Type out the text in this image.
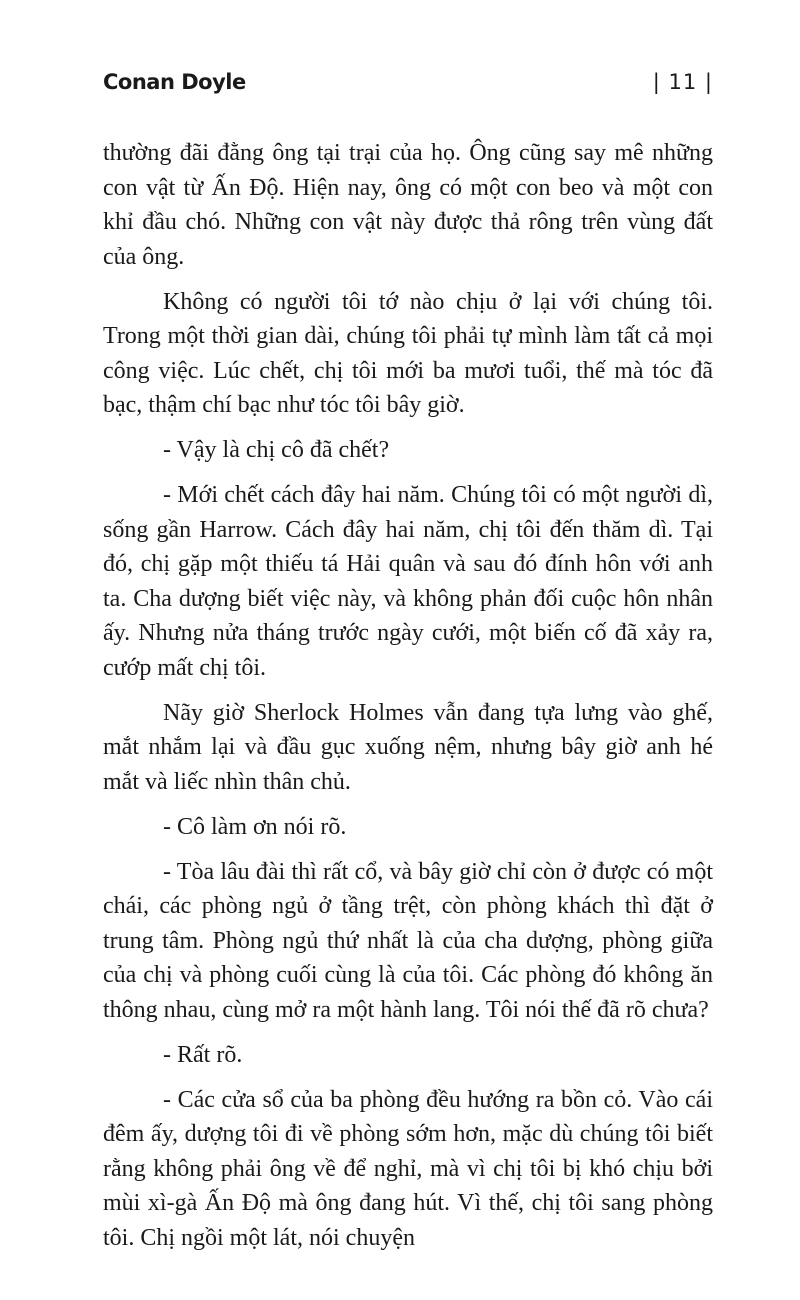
Conan Doyle	| 11 |

thường đãi đằng ông tại trại của họ. Ông cũng say mê những con vật từ Ấn Độ. Hiện nay, ông có một con beo và một con khỉ đầu chó. Những con vật này được thả rông trên vùng đất của ông.

Không có người tôi tớ nào chịu ở lại với chúng tôi. Trong một thời gian dài, chúng tôi phải tự mình làm tất cả mọi công việc. Lúc chết, chị tôi mới ba mươi tuổi, thế mà tóc đã bạc, thậm chí bạc như tóc tôi bây giờ.

- Vậy là chị cô đã chết?

- Mới chết cách đây hai năm. Chúng tôi có một người dì, sống gần Harrow. Cách đây hai năm, chị tôi đến thăm dì. Tại đó, chị gặp một thiếu tá Hải quân và sau đó đính hôn với anh ta. Cha dượng biết việc này, và không phản đối cuộc hôn nhân ấy. Nhưng nửa tháng trước ngày cưới, một biến cố đã xảy ra, cướp mất chị tôi.

Nãy giờ Sherlock Holmes vẫn đang tựa lưng vào ghế, mắt nhắm lại và đầu gục xuống nệm, nhưng bây giờ anh hé mắt và liếc nhìn thân chủ.

- Cô làm ơn nói rõ.

- Tòa lâu đài thì rất cổ, và bây giờ chỉ còn ở được có một chái, các phòng ngủ ở tầng trệt, còn phòng khách thì đặt ở trung tâm. Phòng ngủ thứ nhất là của cha dượng, phòng giữa của chị và phòng cuối cùng là của tôi. Các phòng đó không ăn thông nhau, cùng mở ra một hành lang. Tôi nói thế đã rõ chưa?

- Rất rõ.

- Các cửa sổ của ba phòng đều hướng ra bồn cỏ. Vào cái đêm ấy, dượng tôi đi về phòng sớm hơn, mặc dù chúng tôi biết rằng không phải ông về để nghỉ, mà vì chị tôi bị khó chịu bởi mùi xì-gà Ấn Độ mà ông đang hút. Vì thế, chị tôi sang phòng tôi. Chị ngồi một lát, nói chuyện
